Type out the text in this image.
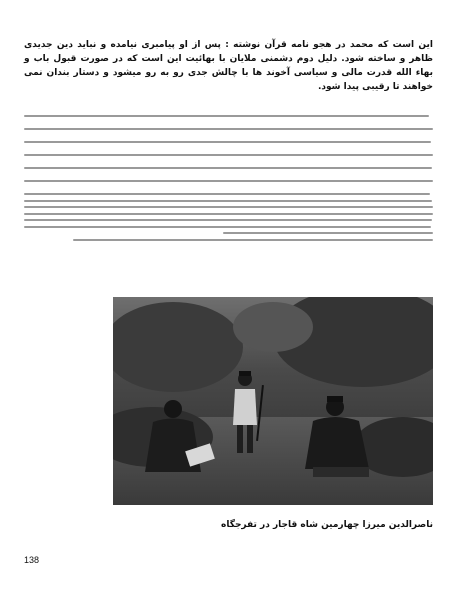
این است که محمد در هجو نامه قرآن نوشته : پس از او پیامبری نیامده و نباید دین جدیدی ظاهر و ساخته شود. دلیل دوم دشمنی ملایان با بهائیت این است که در صورت قبول باب و بهاء الله قدرت مالی و سیاسی آخوند ها با چالش جدی رو به رو میشود و دستار بندان نمی خواهند تا رقیبی پیدا شود.

ناصرالدین میرزا چهارمین شاه قاجار در تفرجگاه

138
